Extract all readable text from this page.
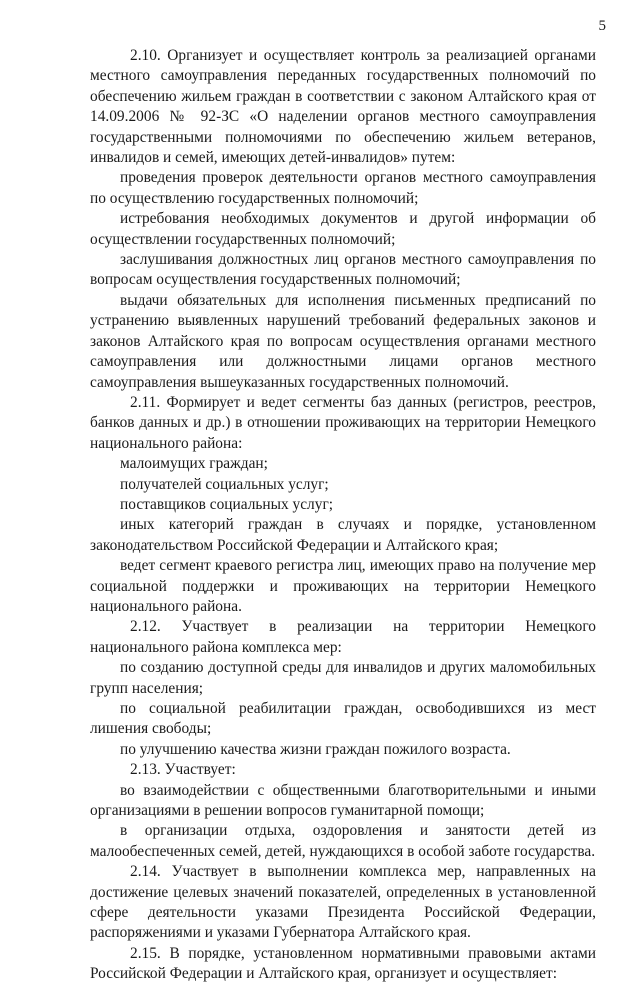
5

2.10. Организует и осуществляет контроль за реализацией органами местного самоуправления переданных государственных полномочий по обеспечению жильем граждан в соответствии с законом Алтайского края от 14.09.2006 № 92-ЗС «О наделении органов местного самоуправления государственными полномочиями по обеспечению жильем ветеранов, инвалидов и семей, имеющих детей-инвалидов» путем:

проведения проверок деятельности органов местного самоуправления по осуществлению государственных полномочий;

истребования необходимых документов и другой информации об осуществлении государственных полномочий;

заслушивания должностных лиц органов местного самоуправления по вопросам осуществления государственных полномочий;

выдачи обязательных для исполнения письменных предписаний по устранению выявленных нарушений требований федеральных законов и законов Алтайского края по вопросам осуществления органами местного самоуправления или должностными лицами органов местного самоуправления вышеуказанных государственных полномочий.

2.11. Формирует и ведет сегменты баз данных (регистров, реестров, банков данных и др.) в отношении проживающих на территории Немецкого национального района:

малоимущих граждан;

получателей социальных услуг;

поставщиков социальных услуг;

иных категорий граждан в случаях и порядке, установленном законодательством Российской Федерации и Алтайского края;

ведет сегмент краевого регистра лиц, имеющих право на получение мер социальной поддержки и проживающих на территории Немецкого национального района.

2.12. Участвует в реализации на территории Немецкого национального района комплекса мер:

по созданию доступной среды для инвалидов и других маломобильных групп населения;

по социальной реабилитации граждан, освободившихся из мест лишения свободы;

по улучшению качества жизни граждан пожилого возраста.

2.13. Участвует:

во взаимодействии с общественными благотворительными и иными организациями в решении вопросов гуманитарной помощи;

в организации отдыха, оздоровления и занятости детей из малообеспеченных семей, детей, нуждающихся в особой заботе государства.

2.14. Участвует в выполнении комплекса мер, направленных на достижение целевых значений показателей, определенных в установленной сфере деятельности указами Президента Российской Федерации, распоряжениями и указами Губернатора Алтайского края.

2.15. В порядке, установленном нормативными правовыми актами Российской Федерации и Алтайского края, организует и осуществляет:
